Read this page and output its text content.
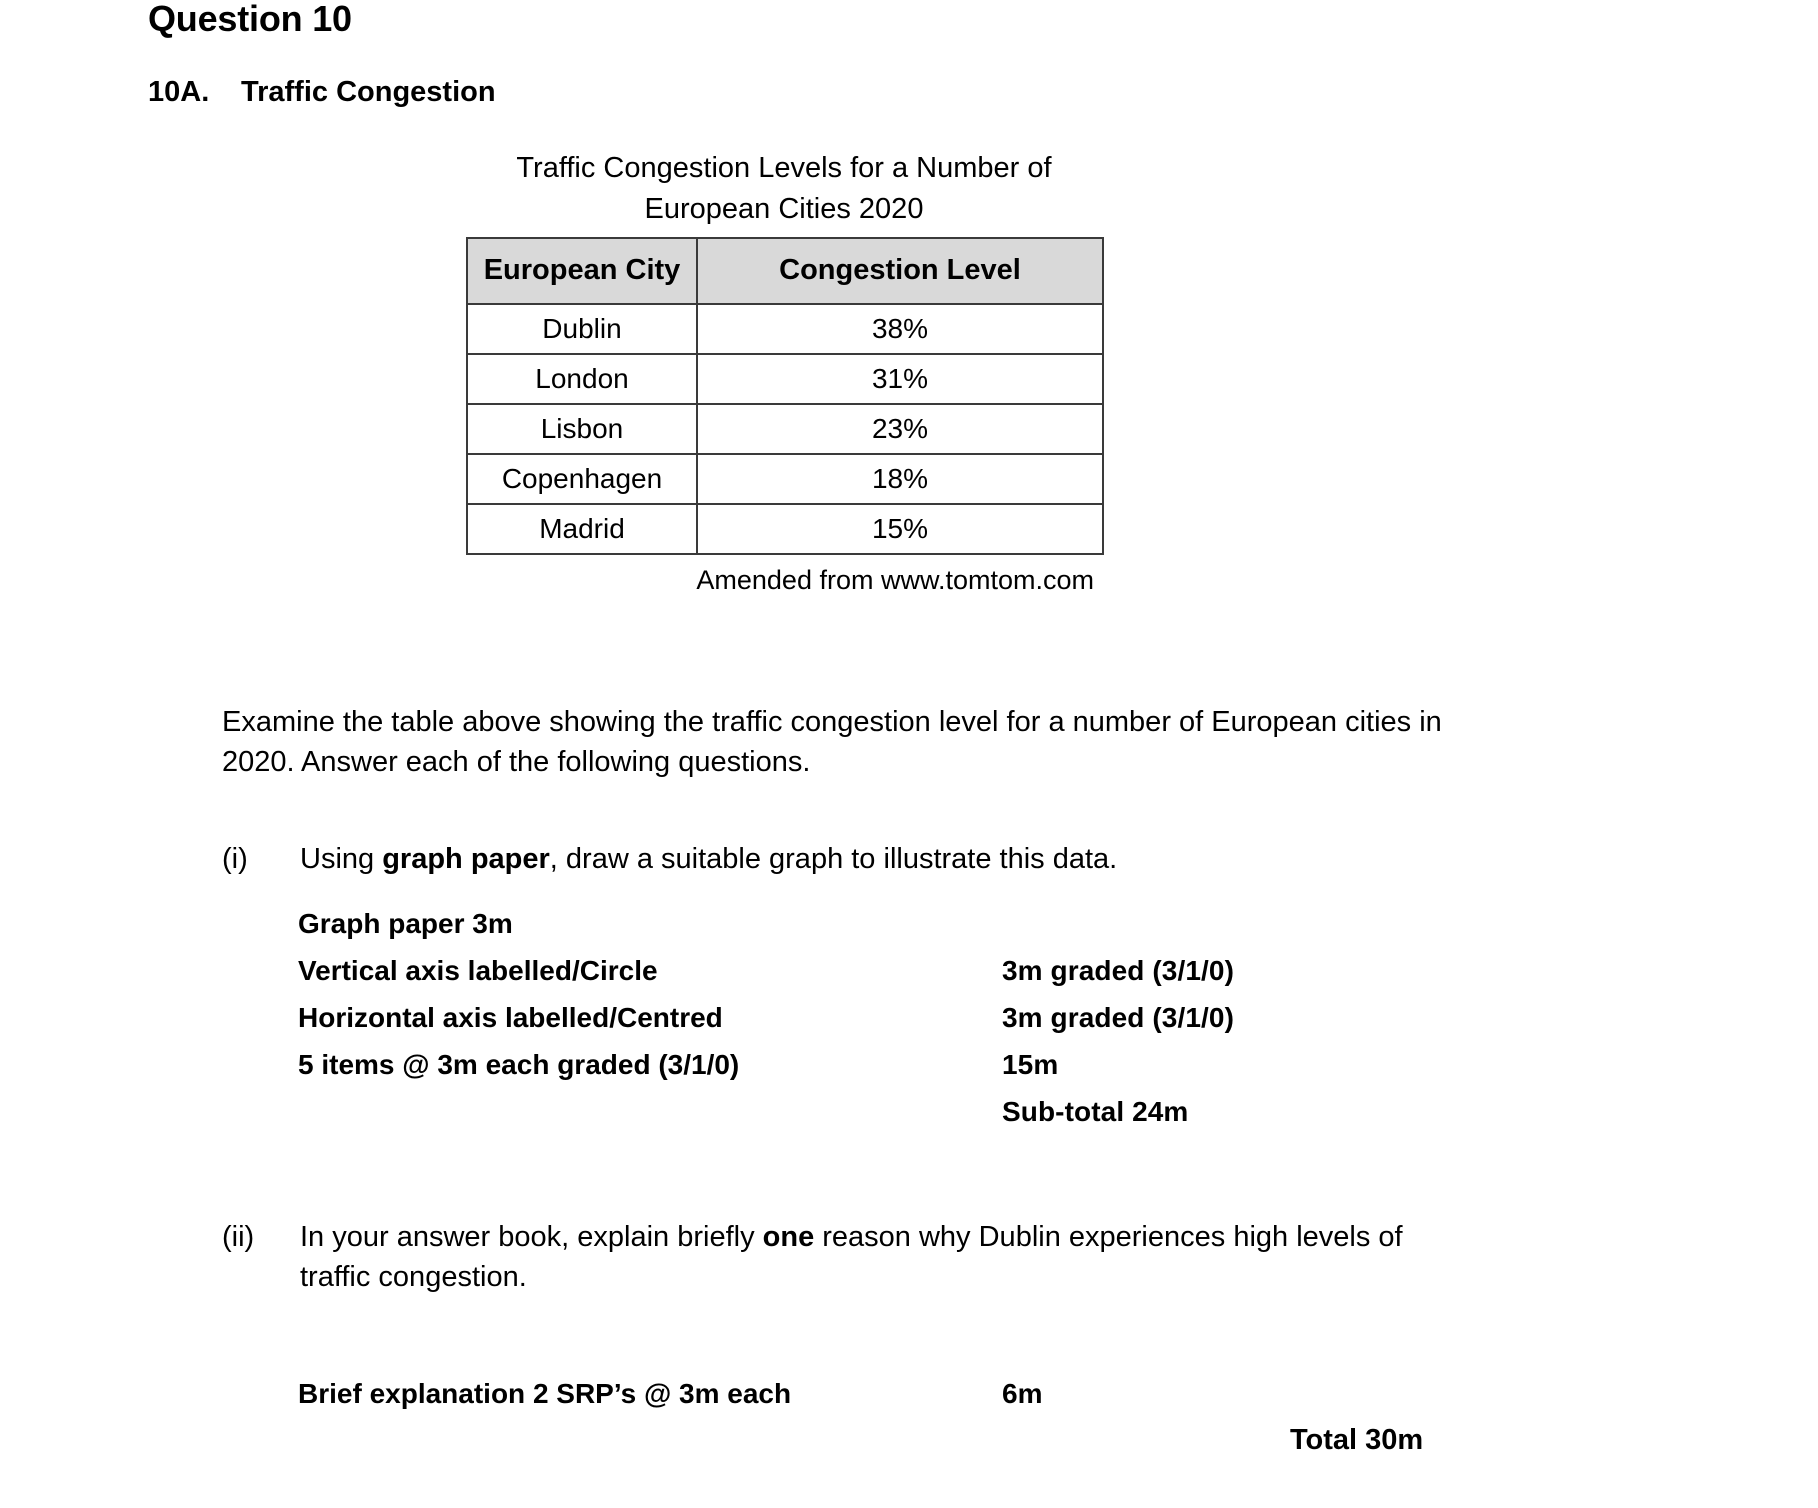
Question 10
10A. Traffic Congestion
Traffic Congestion Levels for a Number of
European Cities 2020
European City	Congestion Level
Dublin	38%
London	31%
Lisbon	23%
Copenhagen	18%
Madrid	15%
Amended from www.tomtom.com
Examine the table above showing the traffic congestion level for a number of European cities in 2020. Answer each of the following questions.
(i)	Using graph paper, draw a suitable graph to illustrate this data.
Graph paper 3m
Vertical axis labelled/Circle	3m graded (3/1/0)
Horizontal axis labelled/Centred	3m graded (3/1/0)
5 items @ 3m each graded (3/1/0)	15m
Sub-total 24m
(ii)	In your answer book, explain briefly one reason why Dublin experiences high levels of traffic congestion.
Brief explanation 2 SRP’s @ 3m each	6m
Total 30m
